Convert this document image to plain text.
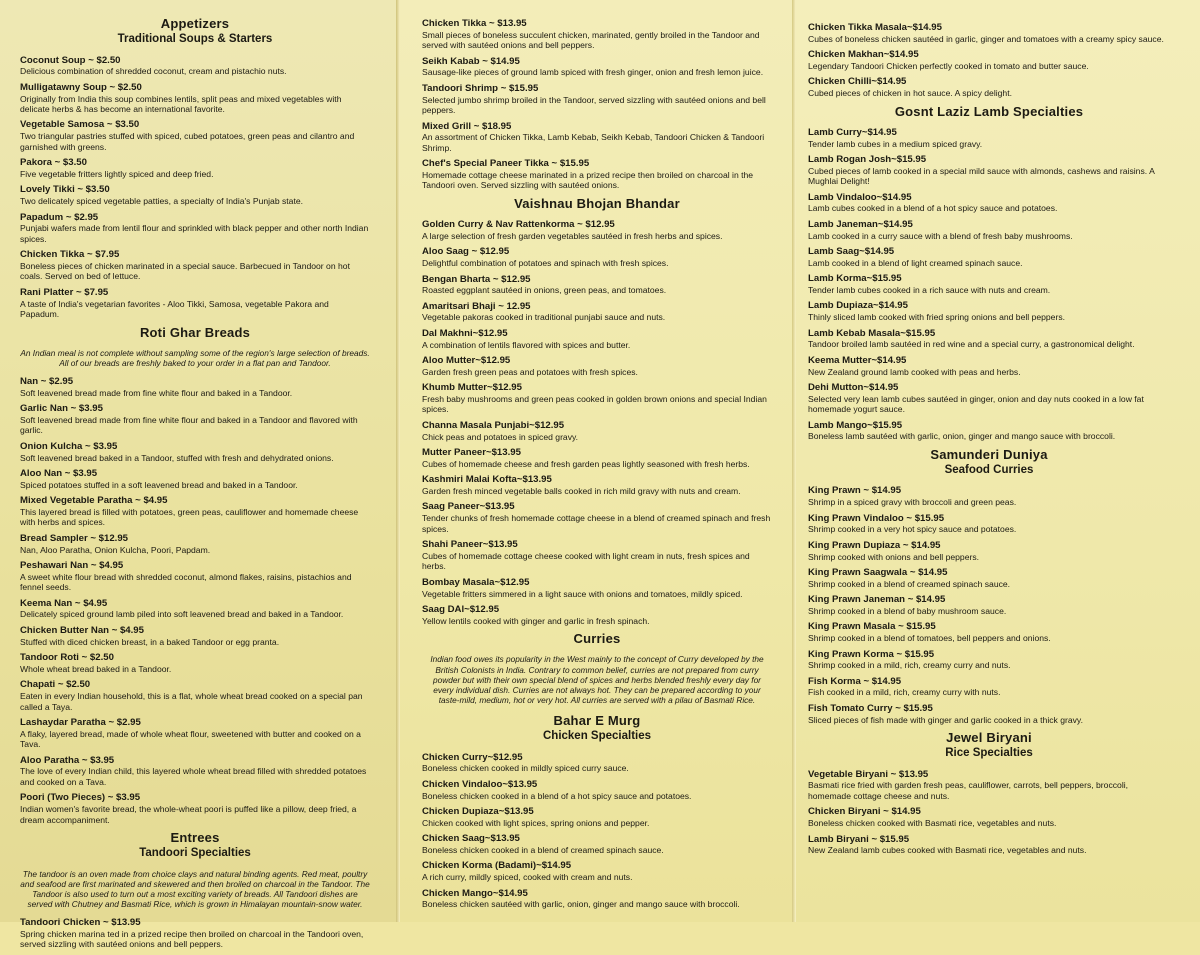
Appetizers
Traditional Soups & Starters
Coconut Soup ~ $2.50
Delicious combination of shredded coconut, cream and pistachio nuts.
Mulligatawny Soup ~ $2.50
Originally from India this soup combines lentils, split peas and mixed vegetables with delicate herbs & has become an international favorite.
Vegetable Samosa ~ $3.50
Two triangular pastries stuffed with spiced, cubed potatoes, green peas and cilantro and garnished with greens.
Pakora ~ $3.50
Five vegetable fritters lightly spiced and deep fried.
Lovely Tikki ~ $3.50
Two delicately spiced vegetable patties, a specialty of India's Punjab state.
Papadum ~ $2.95
Punjabi wafers made from lentil flour and sprinkled with black pepper and other north Indian spices.
Chicken Tikka ~ $7.95
Boneless pieces of chicken marinated in a special sauce. Barbecued in Tandoor on hot coals. Served on bed of lettuce.
Rani Platter ~ $7.95
A taste of India's vegetarian favorites - Aloo Tikki, Samosa, vegetable Pakora and Papadum.
Roti Ghar Breads
An Indian meal is not complete without sampling some of the region's large selection of breads. All of our breads are freshly baked to your order in a flat pan and Tandoor.
Nan ~ $2.95
Soft leavened bread made from fine white flour and baked in a Tandoor.
Garlic Nan ~ $3.95
Soft leavened bread made from fine white flour and baked in a Tandoor and flavored with garlic.
Onion Kulcha ~ $3.95
Soft leavened bread baked in a Tandoor, stuffed with fresh and dehydrated onions.
Aloo Nan ~ $3.95
Spiced potatoes stuffed in a soft leavened bread and baked in a Tandoor.
Mixed Vegetable Paratha ~ $4.95
This layered bread is filled with potatoes, green peas, cauliflower and homemade cheese with herbs and spices.
Bread Sampler ~ $12.95
Nan, Aloo Paratha, Onion Kulcha, Poori, Papdam.
Peshawari Nan ~ $4.95
A sweet white flour bread with shredded coconut, almond flakes, raisins, pistachios and fennel seeds.
Keema Nan ~ $4.95
Delicately spiced ground lamb piled into soft leavened bread and baked in a Tandoor.
Chicken Butter Nan ~ $4.95
Stuffed with diced chicken breast, in a baked Tandoor or egg pranta.
Tandoor Roti ~ $2.50
Whole wheat bread baked in a Tandoor.
Chapati ~ $2.50
Eaten in every Indian household, this is a flat, whole wheat bread cooked on a special pan called a Taya.
Lashaydar Paratha ~ $2.95
A flaky, layered bread, made of whole wheat flour, sweetened with butter and cooked on a Tava.
Aloo Paratha ~ $3.95
The love of every Indian child, this layered whole wheat bread filled with shredded potatoes and cooked on a Tava.
Poori (Two Pieces) ~ $3.95
Indian women's favorite bread, the whole-wheat poori is puffed like a pillow, deep fried, a dream accompaniment.
Entrees
Tandoori Specialties
The tandoor is an oven made from choice clays and natural binding agents. Red meat, poultry and seafood are first marinated and skewered and then broiled on charcoal in the Tandoor. The Tandoor is also used to turn out a most exciting variety of breads. All Tandoori dishes are served with Chutney and Basmati Rice, which is grown in Himalayan mountain-snow water.
Tandoori Chicken ~ $13.95
Spring chicken marina ted in a prized recipe then broiled on charcoal in the Tandoori oven, served sizzling with sautéed onions and bell peppers.
Chicken Tikka ~ $13.95
Small pieces of boneless succulent chicken, marinated, gently broiled in the Tandoor and served with sautéed onions and bell peppers.
Seikh Kabab ~ $14.95
Sausage-like pieces of ground lamb spiced with fresh ginger, onion and fresh lemon juice.
Tandoori Shrimp ~ $15.95
Selected jumbo shrimp broiled in the Tandoor, served sizzling with sautéed onions and bell peppers.
Mixed Grill ~ $18.95
An assortment of Chicken Tikka, Lamb Kebab, Seikh Kebab, Tandoori Chicken & Tandoori Shrimp.
Chef's Special Paneer Tikka ~ $15.95
Homemade cottage cheese marinated in a prized recipe then broiled on charcoal in the Tandoori oven. Served sizzling with sautéed onions.
Vaishnau Bhojan Bhandar
Golden Curry & Nav Rattenkorma ~ $12.95
A large selection of fresh garden vegetables sautéed in fresh herbs and spices.
Aloo Saag ~ $12.95
Delightful combination of potatoes and spinach with fresh spices.
Bengan Bharta ~ $12.95
Roasted eggplant sautéed in onions, green peas, and tomatoes.
Amaritsari Bhaji ~ 12.95
Vegetable pakoras cooked in traditional punjabi sauce and nuts.
Dal Makhni~$12.95
A combination of lentils flavored with spices and butter.
Aloo Mutter~$12.95
Garden fresh green peas and potatoes with fresh spices.
Khumb Mutter~$12.95
Fresh baby mushrooms and green peas cooked in golden brown onions and special Indian spices.
Channa Masala Punjabi~$12.95
Chick peas and potatoes in spiced gravy.
Mutter Paneer~$13.95
Cubes of homemade cheese and fresh garden peas lightly seasoned with fresh herbs.
Kashmiri Malai Kofta~$13.95
Garden fresh minced vegetable balls cooked in rich mild gravy with nuts and cream.
Saag Paneer~$13.95
Tender chunks of fresh homemade cottage cheese in a blend of creamed spinach and fresh spices.
Shahi Paneer~$13.95
Cubes of homemade cottage cheese cooked with light cream in nuts, fresh spices and herbs.
Bombay Masala~$12.95
Vegetable fritters simmered in a light sauce with onions and tomatoes, mildly spiced.
Saag DAl~$12.95
Yellow lentils cooked with ginger and garlic in fresh spinach.
Curries
Indian food owes its popularity in the West mainly to the concept of Curry developed by the British Colonists in India. Contrary to common belief, curries are not prepared from curry powder but with their own special blend of spices and herbs blended freshly every day for every individual dish. Curries are not always hot. They can be prepared according to your taste-mild, medium, hot or very hot. All curries are served with a pilau of Basmati Rice.
Bahar E Murg
Chicken Specialties
Chicken Curry~$12.95
Boneless chicken cooked in mildly spiced curry sauce.
Chicken Vindaloo~$13.95
Boneless chicken cooked in a blend of a hot spicy sauce and potatoes.
Chicken Dupiaza~$13.95
Chicken cooked with light spices, spring onions and pepper.
Chicken Saag~$13.95
Boneless chicken cooked in a blend of creamed spinach sauce.
Chicken Korma (Badami)~$14.95
A rich curry, mildly spiced, cooked with cream and nuts.
Chicken Mango~$14.95
Boneless chicken sautéed with garlic, onion, ginger and mango sauce with broccoli.
Chicken Tikka Masala~$14.95
Cubes of boneless chicken sautéed in garlic, ginger and tomatoes with a creamy spicy sauce.
Chicken Makhan~$14.95
Legendary Tandoori Chicken perfectly cooked in tomato and butter sauce.
Chicken Chilli~$14.95
Cubed pieces of chicken in hot sauce. A spicy delight.
Gosnt Laziz Lamb Specialties
Lamb Curry~$14.95
Tender lamb cubes in a medium spiced gravy.
Lamb Rogan Josh~$15.95
Cubed pieces of lamb cooked in a special mild sauce with almonds, cashews and raisins. A Mughlai Delight!
Lamb Vindaloo~$14.95
Lamb cubes cooked in a blend of a hot spicy sauce and potatoes.
Lamb Janeman~$14.95
Lamb cooked in a curry sauce with a blend of fresh baby mushrooms.
Lamb Saag~$14.95
Lamb cooked in a blend of light creamed spinach sauce.
Lamb Korma~$15.95
Tender lamb cubes cooked in a rich sauce with nuts and cream.
Lamb Dupiaza~$14.95
Thinly sliced lamb cooked with fried spring onions and bell peppers.
Lamb Kebab Masala~$15.95
Tandoor broiled lamb sautéed in red wine and a special curry, a gastronomical delight.
Keema Mutter~$14.95
New Zealand ground lamb cooked with peas and herbs.
Dehi Mutton~$14.95
Selected very lean lamb cubes sautéed in ginger, onion and day nuts cooked in a low fat homemade yogurt sauce.
Lamb Mango~$15.95
Boneless lamb sautéed with garlic, onion, ginger and mango sauce with broccoli.
Samunderi Duniya
Seafood Curries
King Prawn ~ $14.95
Shrimp in a spiced gravy with broccoli and green peas.
King Prawn Vindaloo ~ $15.95
Shrimp cooked in a very hot spicy sauce and potatoes.
King Prawn Dupiaza ~ $14.95
Shrimp cooked with onions and bell peppers.
King Prawn Saagwala ~ $14.95
Shrimp cooked in a blend of creamed spinach sauce.
King Prawn Janeman ~ $14.95
Shrimp cooked in a blend of baby mushroom sauce.
King Prawn Masala ~ $15.95
Shrimp cooked in a blend of tomatoes, bell peppers and onions.
King Prawn Korma ~ $15.95
Shrimp cooked in a mild, rich, creamy curry and nuts.
Fish Korma ~ $14.95
Fish cooked in a mild, rich, creamy curry with nuts.
Fish Tomato Curry ~ $15.95
Sliced pieces of fish made with ginger and garlic cooked in a thick gravy.
Jewel Biryani
Rice Specialties
Vegetable Biryani ~ $13.95
Basmati rice fried with garden fresh peas, cauliflower, carrots, bell peppers, broccoli, homemade cottage cheese and nuts.
Chicken Biryani ~ $14.95
Boneless chicken cooked with Basmati rice, vegetables and nuts.
Lamb Biryani ~ $15.95
New Zealand lamb cubes cooked with Basmati rice, vegetables and nuts.
